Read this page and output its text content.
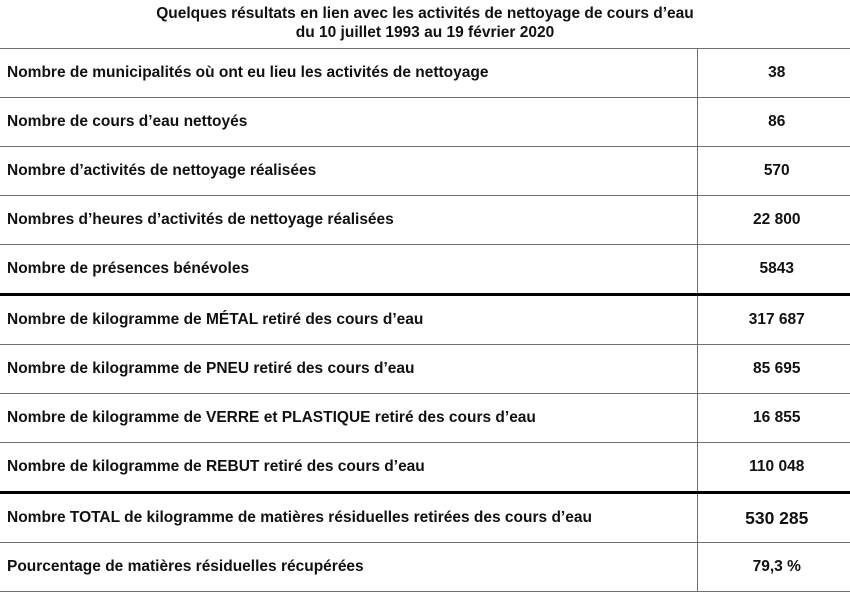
Quelques résultats en lien avec les activités de nettoyage de cours d’eau
du 10 juillet 1993 au 19 février 2020
Nombre de municipalités où ont eu lieu les activités de nettoyage	38
Nombre de cours d’eau nettoyés	86
Nombre d’activités de nettoyage réalisées	570
Nombres d’heures d’activités de nettoyage réalisées	22 800
Nombre de présences bénévoles	5843
Nombre de kilogramme de MÉTAL retiré des cours d’eau	317 687
Nombre de kilogramme de PNEU retiré des cours d’eau	85 695
Nombre de kilogramme de VERRE et PLASTIQUE retiré des cours d’eau	16 855
Nombre de kilogramme de REBUT retiré des cours d’eau	110 048
Nombre TOTAL de kilogramme de matières résiduelles retirées des cours d’eau	530 285
Pourcentage de matières résiduelles récupérées	79,3 %
